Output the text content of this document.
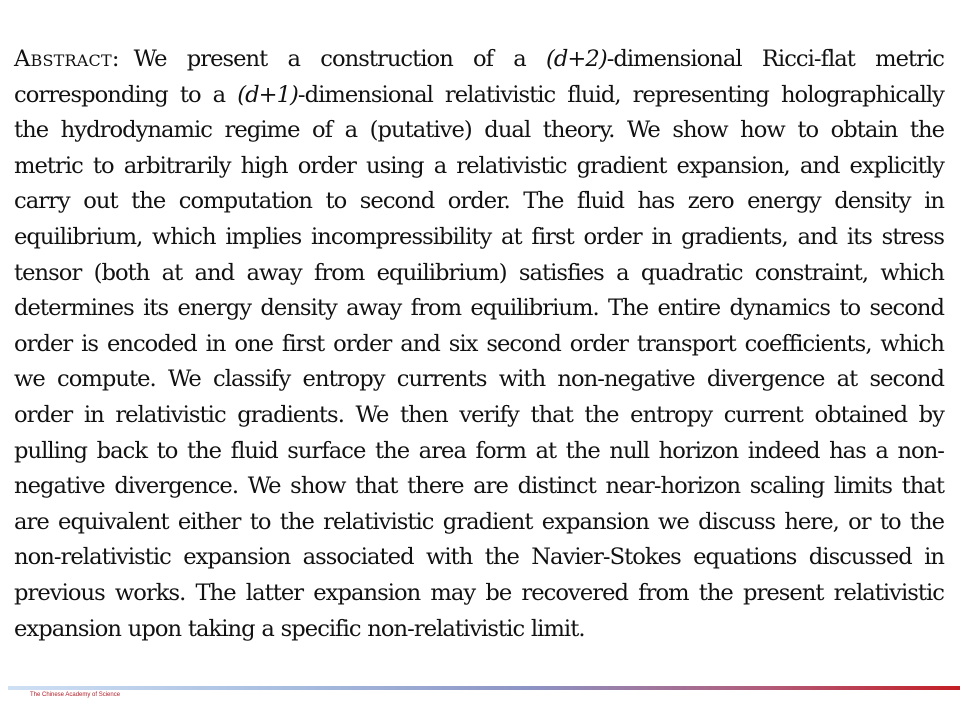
Abstract: We present a construction of a (d+2)-dimensional Ricci-flat metric corresponding to a (d+1)-dimensional relativistic fluid, representing holographically the hydrodynamic regime of a (putative) dual theory. We show how to obtain the metric to arbitrarily high order using a relativistic gradient expansion, and explicitly carry out the computation to second order. The fluid has zero energy density in equilibrium, which implies incompressibility at first order in gradients, and its stress tensor (both at and away from equilibrium) satisfies a quadratic constraint, which determines its energy density away from equilibrium. The entire dynamics to second order is encoded in one first order and six second order transport coefficients, which we compute. We classify entropy currents with non-negative divergence at second order in relativistic gradients. We then verify that the entropy current obtained by pulling back to the fluid surface the area form at the null horizon indeed has a non-negative divergence. We show that there are distinct near-horizon scaling limits that are equivalent either to the relativistic gradient expansion we discuss here, or to the non-relativistic expansion associated with the Navier-Stokes equations discussed in previous works. The latter expansion may be recovered from the present relativistic expansion upon taking a specific non-relativistic limit.

The Chinese Academy of Science
